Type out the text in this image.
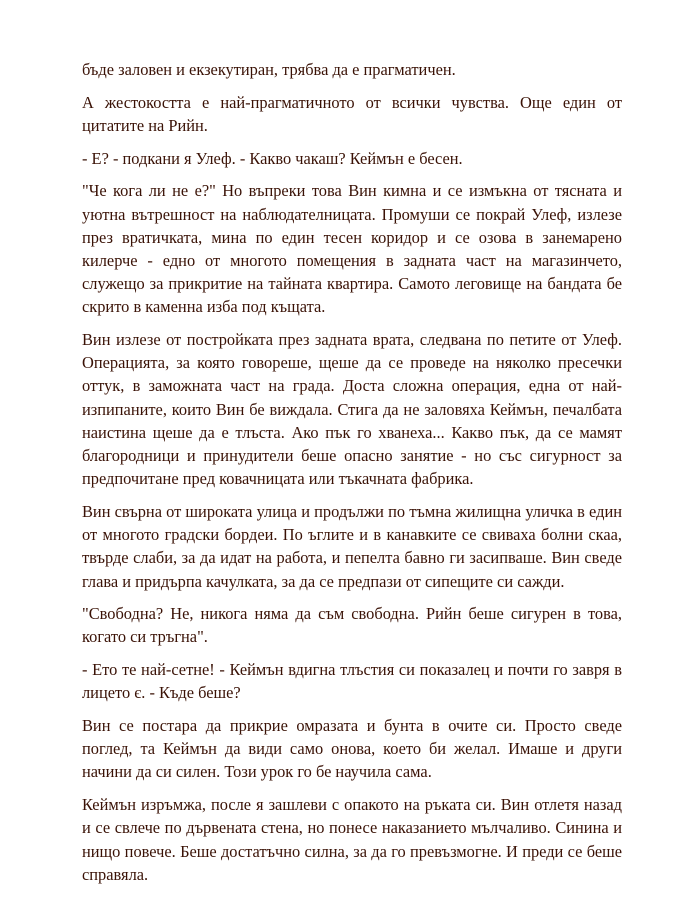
бъде заловен и екзекутиран, трябва да е прагматичен.

А жестокостта е най-прагматичното от всички чувства. Още един от цитатите на Рийн.

- Е? - подкани я Улеф. - Какво чакаш? Кеймън е бесен.

"Че кога ли не е?" Но въпреки това Вин кимна и се измъкна от тясната и уютна вътрешност на наблюдателницата. Промуши се покрай Улеф, излезе през вратичката, мина по един тесен коридор и се озова в занемарено килерче - едно от многото помещения в задната част на магазинчето, служещо за прикритие на тайната квартира. Самото леговище на бандата бе скрито в каменна изба под къщата.

Вин излезе от постройката през задната врата, следвана по петите от Улеф. Операцията, за която говореше, щеше да се проведе на няколко пресечки оттук, в заможната част на града. Доста сложна операция, една от най-изпипаните, които Вин бе виждала. Стига да не заловяха Кеймън, печалбата наистина щеше да е тлъста. Ако пък го хванеха... Какво пък, да се мамят благородници и принудители беше опасно занятие - но със сигурност за предпочитане пред ковачницата или тъкачната фабрика.

Вин свърна от широката улица и продължи по тъмна жилищна уличка в един от многото градски бордеи. По ъглите и в канавките се свиваха болни скаа, твърде слаби, за да идат на работа, и пепелта бавно ги засипваше. Вин сведе глава и придърпа качулката, за да се предпази от сипещите си сажди.

"Свободна? Не, никога няма да съм свободна. Рийн беше сигурен в това, когато си тръгна".

- Ето те най-сетне! - Кеймън вдигна тлъстия си показалец и почти го завря в лицето є. - Къде беше?

Вин се постара да прикрие омразата и бунта в очите си. Просто сведе поглед, та Кеймън да види само онова, което би желал. Имаше и други начини да си силен. Този урок го бе научила сама.

Кеймън изръмжа, после я зашлеви с опакото на ръката си. Вин отлетя назад и се свлече по дървената стена, но понесе наказанието мълчаливо. Синина и нищо повече. Беше достатъчно силна, за да го превъзмогне. И преди се беше справяла.
